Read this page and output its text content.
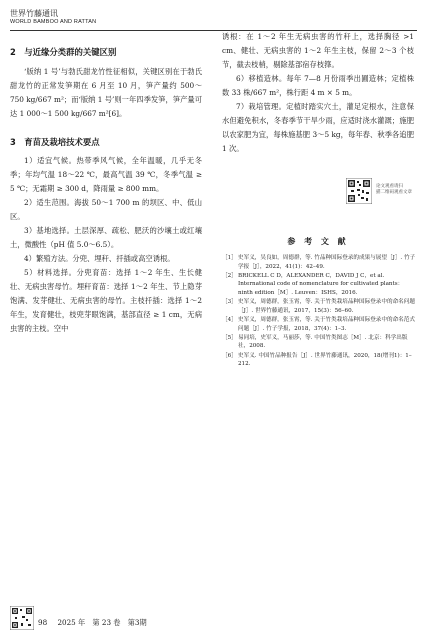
世界竹藤通讯
WORLD BAMBOO AND RATTAN
2　与近缘分类群的关键区别

‘版纳 1 号’与勃氏甜龙竹性征相似，关键区别在于勃氏甜龙竹的正常发笋期在 6 月至 10 月，笋产量约 500～750 kg/667 m²；而‘版纳 1 号’则一年四季发笋，笋产量可达 1 000～1 500 kg/667 m²[6]。

3　育苗及栽培技术要点

1）适宜气候。热带季风气候，全年温暖，几乎无冬季；年均气温 18～22 ℃，最高气温 39 ℃，冬季气温 ≥ 5 ℃；无霜期 ≥ 300 d，降雨量 ≥ 800 mm。

2）适生范围。海拔 50～1 700 m 的坝区、中、低山区。

3）基地选择。土层深厚、疏松、肥沃的沙壤土或红壤土，微酸性（pH 值 5.0～6.5）。

4）繁殖方法。分兜、埋秆、扦插或高空诱根。

5）材料选择。分兜育苗：选择 1～2 年生、生长健壮、无病虫害母竹。埋秆育苗：选择 1～2 年生、节上隐芽饱满、发芽健壮、无病虫害的母竹。主枝扦插：选择 1～2 年生，发育健壮，枝兜芽眼饱满，基部直径 ≥ 1 cm，无病虫害的主枝。空中

诱根：在 1～2 年生无病虫害的竹秆上，选择胸径 >1 cm、健壮、无病虫害的 1～2 年生主枝，保留 2～3 个枝节，截去枝梢，剔除基部宿存枝箨。

6）移植造林。每年 7—8 月份雨季出圃造林；定植株数 33 株/667 m²，株行距 4 m × 5 m。

7）栽培管理。定植时踏实穴土，灌足定根水，注意保水但避免积水，冬春季节干旱少雨，应适时浇水灌溉；施肥以农家肥为宜，每株施基肥 3～5 kg，每年春、秋季各追肥 1 次。

论文观看请扫
描二维码观看文章
参 考 文 献
［1］ 史军义，吴良如，周德群，等. 竹品种国际登录的成果与展望［J］. 竹子学报［J］，2022，41(1)：42–49.
［2］ BRICKELL C D，ALEXANDER C，DAVID J C，et al. International code of nomenclature for cultivated plants：ninth edition［M］. Leuven：ISHS，2016.
［3］ 史军义，周德群，张玉霄，等. 关于竹类栽培品种国际登录中的命名问题［J］. 世界竹藤通讯，2017，15(3)：56–60.
［4］ 史军义，周德群，张玉霄，等. 关于竹类栽培品种国际登录中的命名范式问题［J］. 竹子学报，2018，37(4)：1–3.
［5］ 易同培，史军义，马丽莎，等. 中国竹类图志［M］. 北京：科学出版社，2008.
［6］ 史军义. 中国竹品种报告［J］. 世界竹藤通讯，2020，18(增刊1)：1–212.
98 2025 年　第 23 卷　第3期
